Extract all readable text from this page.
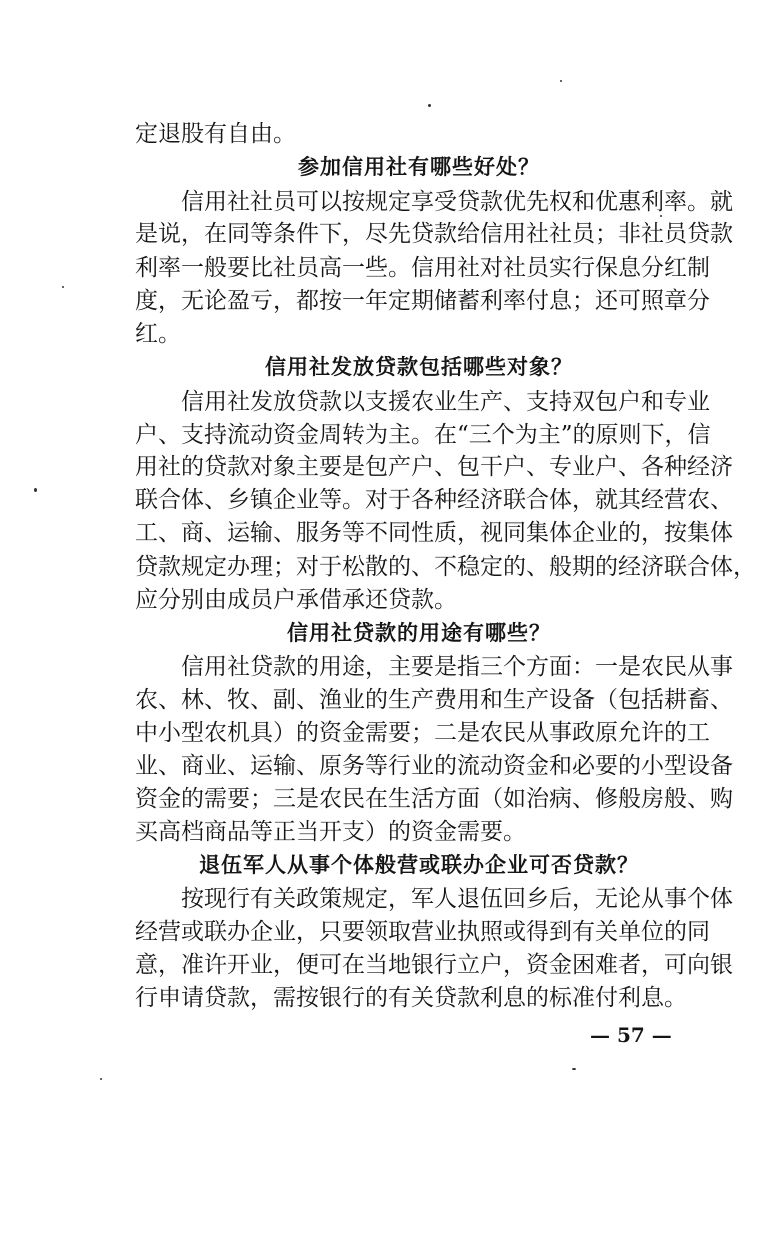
定退股有自由。
参加信用社有哪些好处？
信用社社员可以按规定享受贷款优先权和优惠利率。就
是说，在同等条件下，尽先贷款给信用社社员；非社员贷款
利率一般要比社员高一些。信用社对社员实行保息分红制
度，无论盈亏，都按一年定期储蓄利率付息；还可照章分
红。
信用社发放贷款包括哪些对象？
信用社发放贷款以支援农业生产、支持双包户和专业
户、支持流动资金周转为主。在“三个为主”的原则下，信
用社的贷款对象主要是包产户、包干户、专业户、各种经济
联合体、乡镇企业等。对于各种经济联合体，就其经营农、
工、商、运输、服务等不同性质，视同集体企业的，按集体
贷款规定办理；对于松散的、不稳定的、般期的经济联合体，
应分别由成员户承借承还贷款。
信用社贷款的用途有哪些？
信用社贷款的用途，主要是指三个方面：一是农民从事
农、林、牧、副、渔业的生产费用和生产设备（包括耕畜、
中小型农机具）的资金需要；二是农民从事政原允许的工
业、商业、运输、原务等行业的流动资金和必要的小型设备
资金的需要；三是农民在生活方面（如治病、修般房般、购
买高档商品等正当开支）的资金需要。
退伍军人从事个体般营或联办企业可否贷款？
按现行有关政策规定，军人退伍回乡后，无论从事个体
经营或联办企业，只要领取营业执照或得到有关单位的同
意，准许开业，便可在当地银行立户，资金困难者，可向银
行申请贷款，需按银行的有关贷款利息的标准付利息。
— 57 —
